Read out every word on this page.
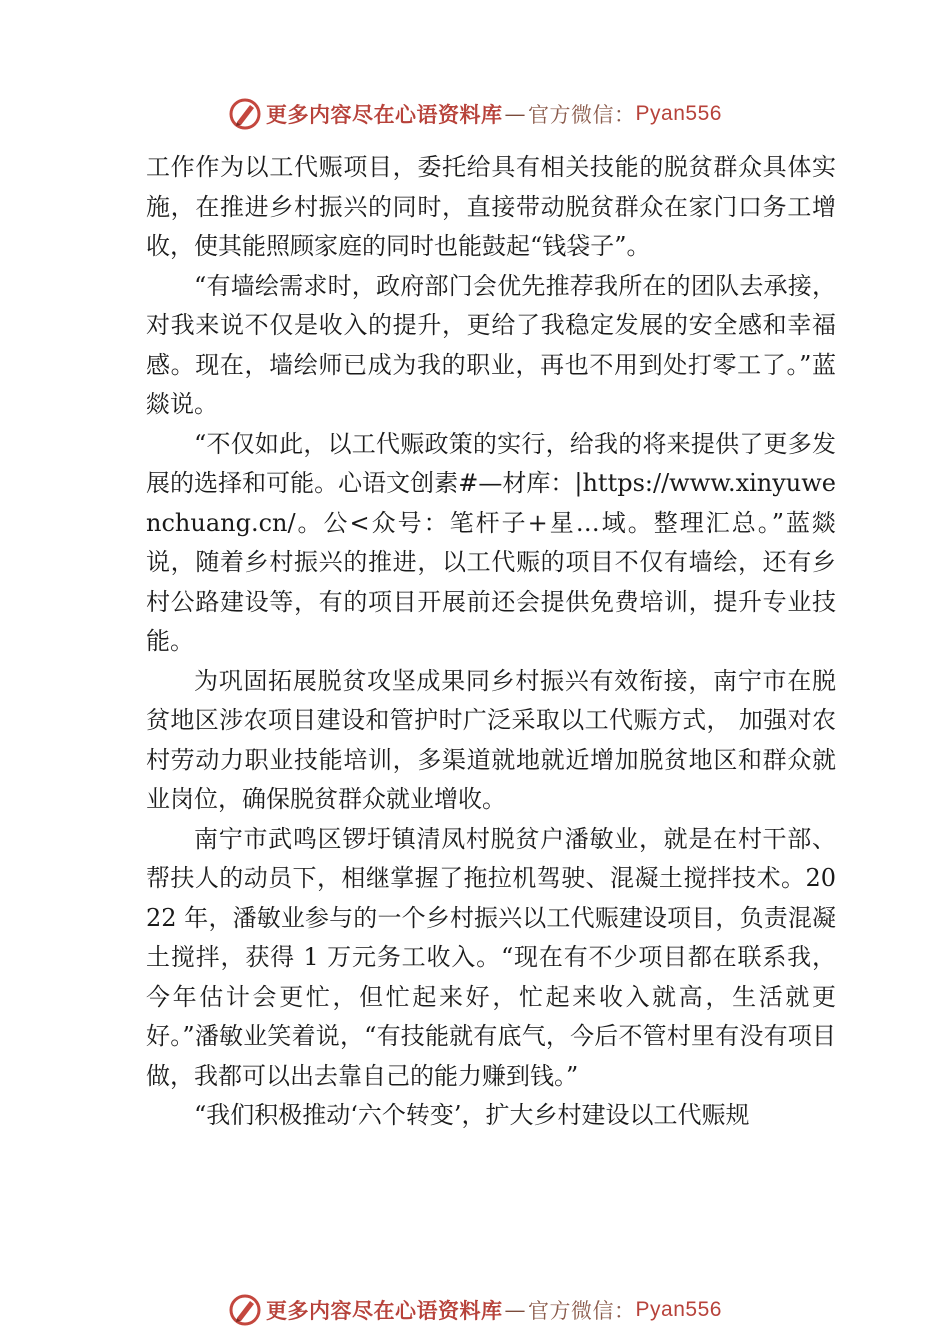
更多内容尽在心语资料库 — 官方微信： Pyan556

工作作为以工代赈项目，委托给具有相关技能的脱贫群众具体实施，在推进乡村振兴的同时，直接带动脱贫群众在家门口务工增收，使其能照顾家庭的同时也能鼓起“钱袋子”。

“有墙绘需求时，政府部门会优先推荐我所在的团队去承接，对我来说不仅是收入的提升，更给了我稳定发展的安全感和幸福感。现在，墙绘师已成为我的职业，再也不用到处打零工了。”蓝燚说。

“不仅如此，以工代赈政策的实行，给我的将来提供了更多发展的选择和可能。心语文创素#—材库：|https://www.xinyuwenchuang.cn/。公<众号：笔杆子+星…域。整理汇总。”蓝燚说，随着乡村振兴的推进，以工代赈的项目不仅有墙绘，还有乡村公路建设等，有的项目开展前还会提供免费培训，提升专业技能。

为巩固拓展脱贫攻坚成果同乡村振兴有效衔接，南宁市在脱贫地区涉农项目建设和管护时广泛采取以工代赈方式， 加强对农村劳动力职业技能培训，多渠道就地就近增加脱贫地区和群众就业岗位，确保脱贫群众就业增收。

南宁市武鸣区锣圩镇清凤村脱贫户潘敏业，就是在村干部、帮扶人的动员下，相继掌握了拖拉机驾驶、混凝土搅拌技术。2022 年，潘敏业参与的一个乡村振兴以工代赈建设项目，负责混凝土搅拌，获得 1 万元务工收入。“现在有不少项目都在联系我，今年估计会更忙，但忙起来好，忙起来收入就高，生活就更好。”潘敏业笑着说，“有技能就有底气，今后不管村里有没有项目做，我都可以出去靠自己的能力赚到钱。”

“我们积极推动‘六个转变’，扩大乡村建设以工代赈规

更多内容尽在心语资料库 — 官方微信： Pyan556
